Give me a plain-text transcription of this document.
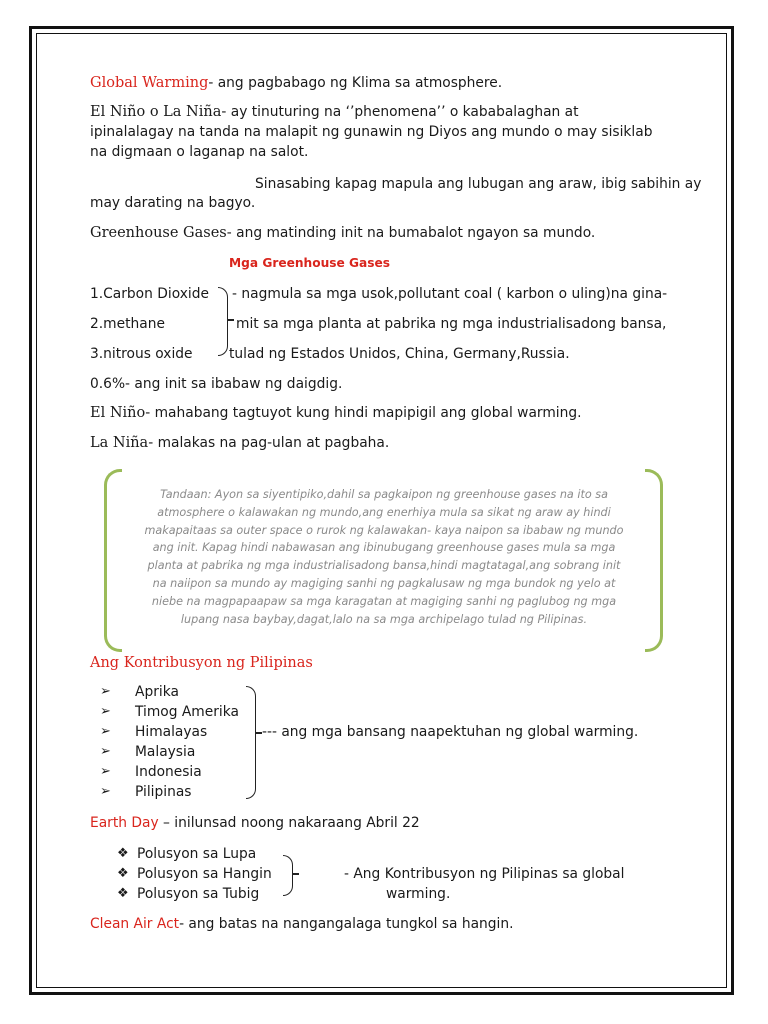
Global Warming- ang pagbabago ng Klima sa atmosphere.
El Niño o La Niña- ay tinuturing na ‘’phenomena’’ o kababalaghan at
ipinalalagay na tanda na malapit ng gunawin ng Diyos ang mundo o may sisiklab
na digmaan o laganap na salot.
Sinasabing kapag mapula ang lubugan ang araw, ibig sabihin ay
may darating na bagyo.
Greenhouse Gases- ang matinding init na bumabalot ngayon sa mundo.
Mga Greenhouse Gases
1.Carbon Dioxide
2.methane
3.nitrous oxide
- nagmula sa mga usok,pollutant coal ( karbon o uling)na gina-
mit sa mga planta at pabrika ng mga industrialisadong bansa,
tulad ng Estados Unidos, China, Germany,Russia.
0.6%- ang init sa ibabaw ng daigdig.
El Niño- mahabang tagtuyot kung hindi mapipigil ang global warming.
La Niña- malakas na pag-ulan at pagbaha.
Tandaan: Ayon sa siyentipiko,dahil sa pagkaipon ng greenhouse gases na ito sa
atmosphere o kalawakan ng mundo,ang enerhiya mula sa sikat ng araw ay hindi
makapaitaas sa outer space o rurok ng kalawakan- kaya naipon sa ibabaw ng mundo
ang init. Kapag hindi nabawasan ang ibinubugang greenhouse gases mula sa mga
planta at pabrika ng mga industrialisadong bansa,hindi magtatagal,ang sobrang init
na naiipon sa mundo ay magiging sanhi ng pagkalusaw ng mga bundok ng yelo at
niebe na magpapaapaw sa mga karagatan at magiging sanhi ng paglubog ng mga
lupang nasa baybay,dagat,lalo na sa mga archipelago tulad ng Pilipinas.
Ang Kontribusyon ng Pilipinas
➢
➢
➢
➢
➢
➢
Aprika
Timog Amerika
Himalayas
Malaysia
Indonesia
Pilipinas
--- ang mga bansang naapektuhan ng global warming.
Earth Day – inilunsad noong nakaraang Abril 22
❖
❖
❖
Polusyon sa Lupa
Polusyon sa Hangin
Polusyon sa Tubig
- Ang Kontribusyon ng Pilipinas sa global
warming.
Clean Air Act- ang batas na nangangalaga tungkol sa hangin.
